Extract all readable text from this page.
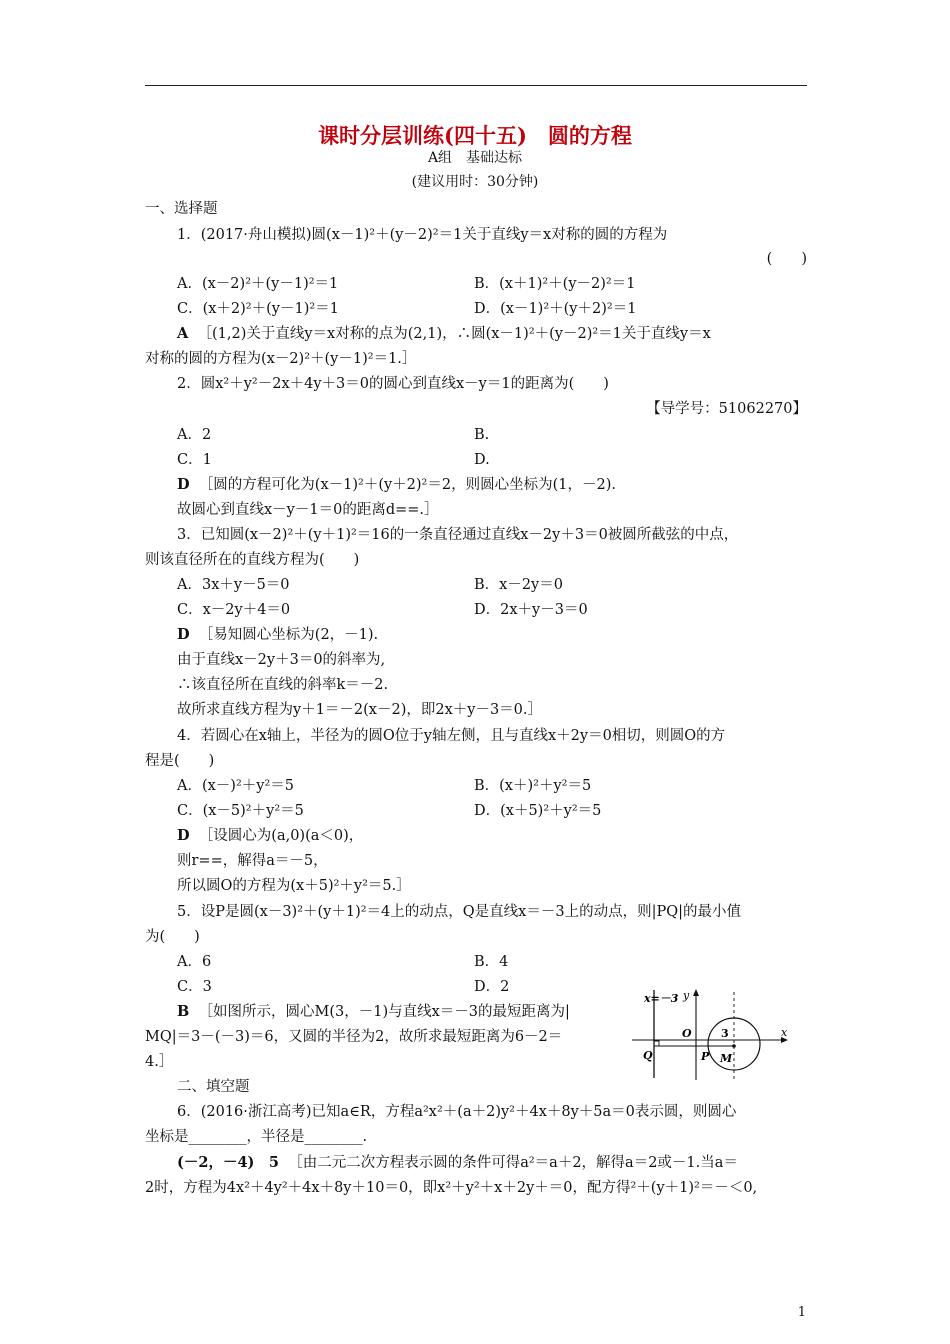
课时分层训练(四十五)　圆的方程
A组　基础达标
(建议用时：30分钟)
一、选择题
1．(2017·舟山模拟)圆(x－1)²＋(y－2)²＝1关于直线y＝x对称的圆的方程为
(　　)
A．(x－2)²＋(y－1)²＝1	B．(x＋1)²＋(y－2)²＝1
C．(x＋2)²＋(y－1)²＝1	D．(x－1)²＋(y＋2)²＝1
A ［(1,2)关于直线y＝x对称的点为(2,1)，∴圆(x－1)²＋(y－2)²＝1关于直线y＝x
对称的圆的方程为(x－2)²＋(y－1)²＝1.］
2．圆x²＋y²－2x＋4y＋3＝0的圆心到直线x－y＝1的距离为(　　)
【导学号：51062270】
A．2	B.
C．1	D.
D ［圆的方程可化为(x－1)²＋(y＋2)²＝2，则圆心坐标为(1，－2).
故圆心到直线x－y－1＝0的距离d==.］
3．已知圆(x－2)²＋(y＋1)²＝16的一条直径通过直线x－2y＋3＝0被圆所截弦的中点，
则该直径所在的直线方程为(　　)
A．3x＋y－5＝0	B．x－2y＝0
C．x－2y＋4＝0	D．2x＋y－3＝0
D ［易知圆心坐标为(2，－1).
由于直线x－2y＋3＝0的斜率为,
∴该直径所在直线的斜率k＝－2.
故所求直线方程为y＋1＝－2(x－2)，即2x＋y－3＝0.］
4．若圆心在x轴上，半径为的圆O位于y轴左侧，且与直线x＋2y＝0相切，则圆O的方
程是(　　)
A．(x－)²＋y²＝5	B．(x＋)²＋y²＝5
C．(x－5)²＋y²＝5	D．(x＋5)²＋y²＝5
D ［设圆心为(a,0)(a＜0)，
则r==，解得a＝－5，
所以圆O的方程为(x＋5)²＋y²＝5.］
5．设P是圆(x－3)²＋(y＋1)²＝4上的动点，Q是直线x＝－3上的动点，则|PQ|的最小值
为(　　)
A．6	B．4
C．3	D．2
B ［如图所示，圆心M(3，－1)与直线x＝－3的最短距离为|
MQ|＝3－(－3)＝6，又圆的半径为2，故所求最短距离为6－2＝
4.］
x=－3 y
x
O	3
Q	P M
二、填空题
6．(2016·浙江高考)已知a∈R，方程a²x²＋(a＋2)y²＋4x＋8y＋5a＝0表示圆，则圆心
坐标是________，半径是________.
(－2，－4)　5 ［由二元二次方程表示圆的条件可得a²＝a＋2，解得a＝2或－1.当a＝
2时，方程为4x²＋4y²＋4x＋8y＋10＝0，即x²＋y²＋x＋2y＋＝0，配方得²＋(y＋1)²＝－＜0,
1
